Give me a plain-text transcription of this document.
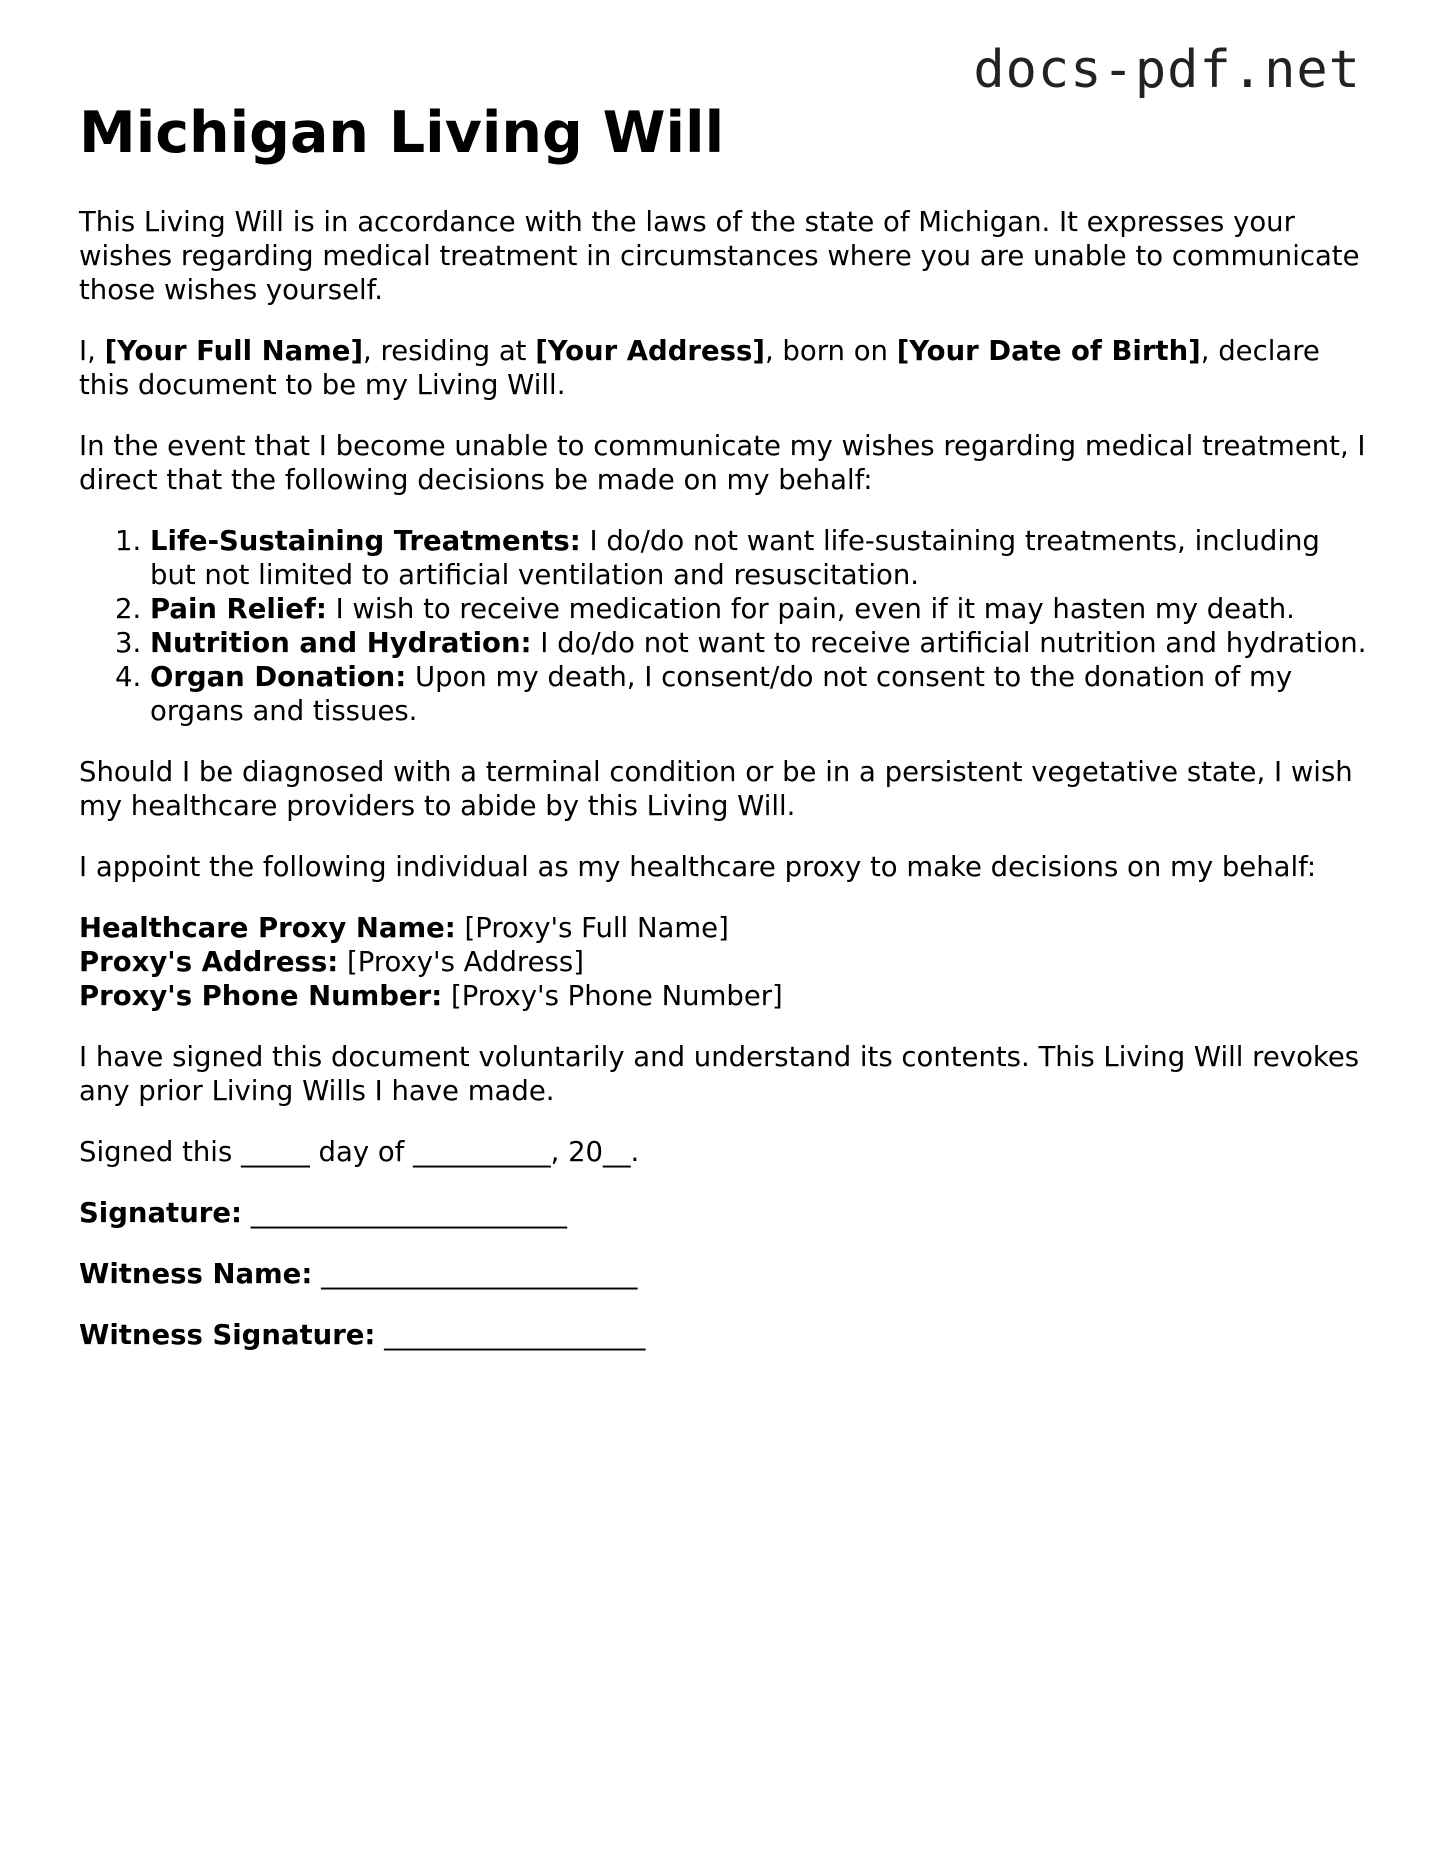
docs-pdf.net
Michigan Living Will

This Living Will is in accordance with the laws of the state of Michigan. It expresses your wishes regarding medical treatment in circumstances where you are unable to communicate those wishes yourself.

I, [Your Full Name], residing at [Your Address], born on [Your Date of Birth], declare this document to be my Living Will.

In the event that I become unable to communicate my wishes regarding medical treatment, I direct that the following decisions be made on my behalf:

1. Life-Sustaining Treatments: I do/do not want life-sustaining treatments, including but not limited to artificial ventilation and resuscitation.
2. Pain Relief: I wish to receive medication for pain, even if it may hasten my death.
3. Nutrition and Hydration: I do/do not want to receive artificial nutrition and hydration.
4. Organ Donation: Upon my death, I consent/do not consent to the donation of my organs and tissues.

Should I be diagnosed with a terminal condition or be in a persistent vegetative state, I wish my healthcare providers to abide by this Living Will.

I appoint the following individual as my healthcare proxy to make decisions on my behalf:

Healthcare Proxy Name: [Proxy's Full Name]

Proxy's Address: [Proxy's Address]

Proxy's Phone Number: [Proxy's Phone Number]

I have signed this document voluntarily and understand its contents. This Living Will revokes any prior Living Wills I have made.

Signed this _____ day of __________, 20__.

Signature: _______________________

Witness Name: _______________________

Witness Signature: ___________________
